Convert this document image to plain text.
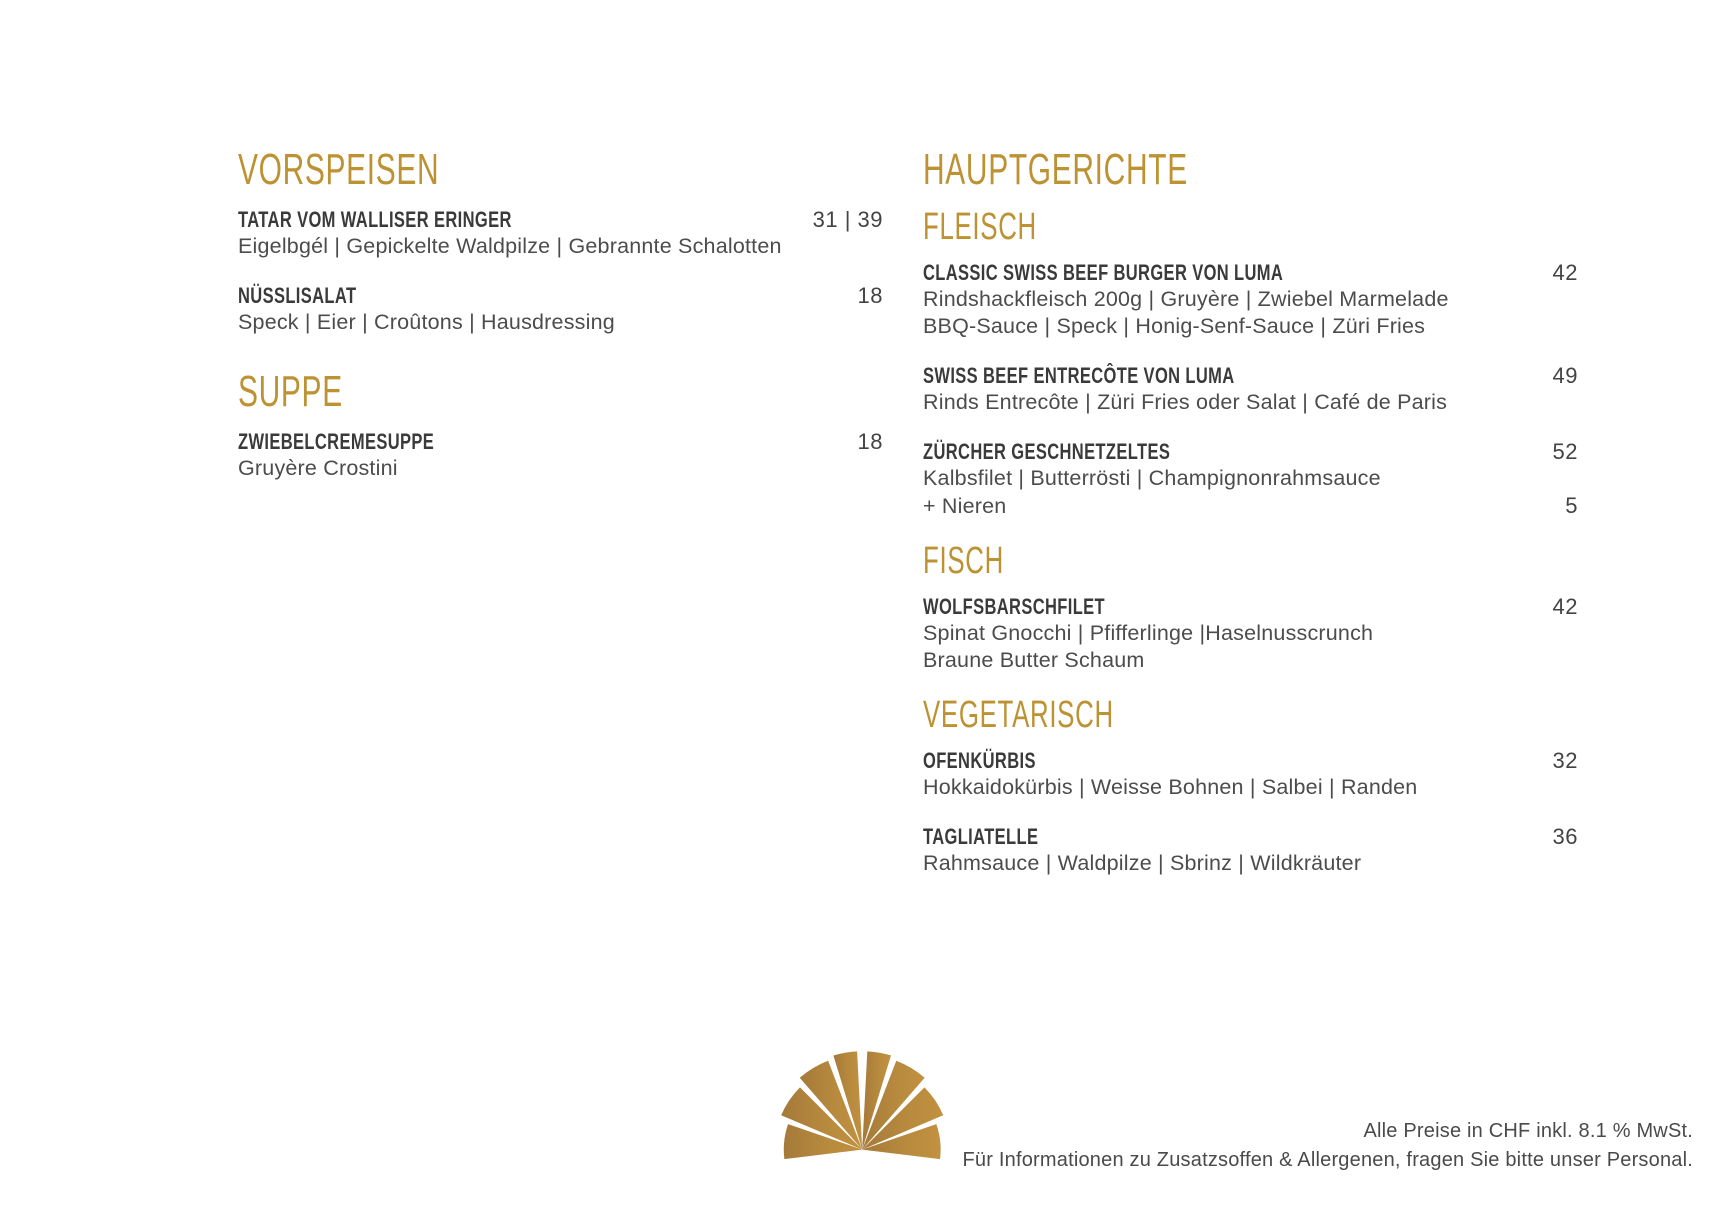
VORSPEISEN
TATAR VOM WALLISER ERINGER	31 | 39
Eigelbgél | Gepickelte Waldpilze | Gebrannte Schalotten
NÜSSLISALAT	18
Speck | Eier | Croûtons | Hausdressing
SUPPE
ZWIEBELCREMESUPPE	18
Gruyère Crostini
HAUPTGERICHTE
FLEISCH
CLASSIC SWISS BEEF BURGER VON LUMA	42
Rindshackfleisch 200g | Gruyère | Zwiebel Marmelade
BBQ-Sauce | Speck | Honig-Senf-Sauce | Züri Fries
SWISS BEEF ENTRECÔTE VON LUMA	49
Rinds Entrecôte | Züri Fries oder Salat | Café de Paris
ZÜRCHER GESCHNETZELTES	52
Kalbsfilet | Butterrösti | Champignonrahmsauce
+ Nieren	5
FISCH
WOLFSBARSCHFILET	42
Spinat Gnocchi | Pfifferlinge |Haselnusscrunch
Braune Butter Schaum
VEGETARISCH
OFENKÜRBIS	32
Hokkaidokürbis | Weisse Bohnen | Salbei | Randen
TAGLIATELLE	36
Rahmsauce | Waldpilze | Sbrinz | Wildkräuter
Alle Preise in CHF inkl. 8.1 % MwSt.
Für Informationen zu Zusatzsoffen & Allergenen, fragen Sie bitte unser Personal.
